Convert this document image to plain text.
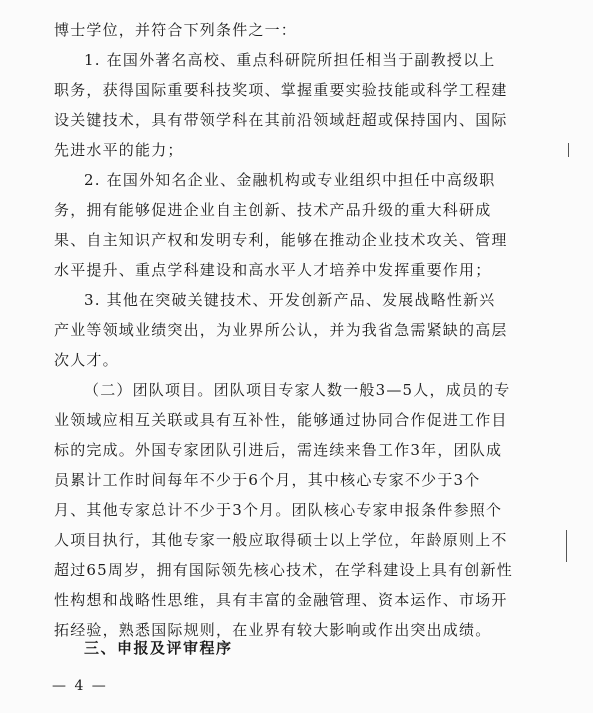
博士学位，并符合下列条件之一：
1. 在国外著名高校、重点科研院所担任相当于副教授以上
职务，获得国际重要科技奖项、掌握重要实验技能或科学工程建
设关键技术，具有带领学科在其前沿领域赶超或保持国内、国际
先进水平的能力；
2. 在国外知名企业、金融机构或专业组织中担任中高级职
务，拥有能够促进企业自主创新、技术产品升级的重大科研成
果、自主知识产权和发明专利，能够在推动企业技术攻关、管理
水平提升、重点学科建设和高水平人才培养中发挥重要作用；
3. 其他在突破关键技术、开发创新产品、发展战略性新兴
产业等领域业绩突出，为业界所公认，并为我省急需紧缺的高层
次人才。
（二）团队项目。团队项目专家人数一般3—5人，成员的专
业领域应相互关联或具有互补性，能够通过协同合作促进工作目
标的完成。外国专家团队引进后，需连续来鲁工作3年，团队成
员累计工作时间每年不少于6个月，其中核心专家不少于3个
月、其他专家总计不少于3个月。团队核心专家申报条件参照个
人项目执行，其他专家一般应取得硕士以上学位，年龄原则上不
超过65周岁，拥有国际领先核心技术，在学科建设上具有创新性
性构想和战略性思维，具有丰富的金融管理、资本运作、市场开
拓经验，熟悉国际规则，在业界有较大影响或作出突出成绩。
三、申报及评审程序
— 4 —
